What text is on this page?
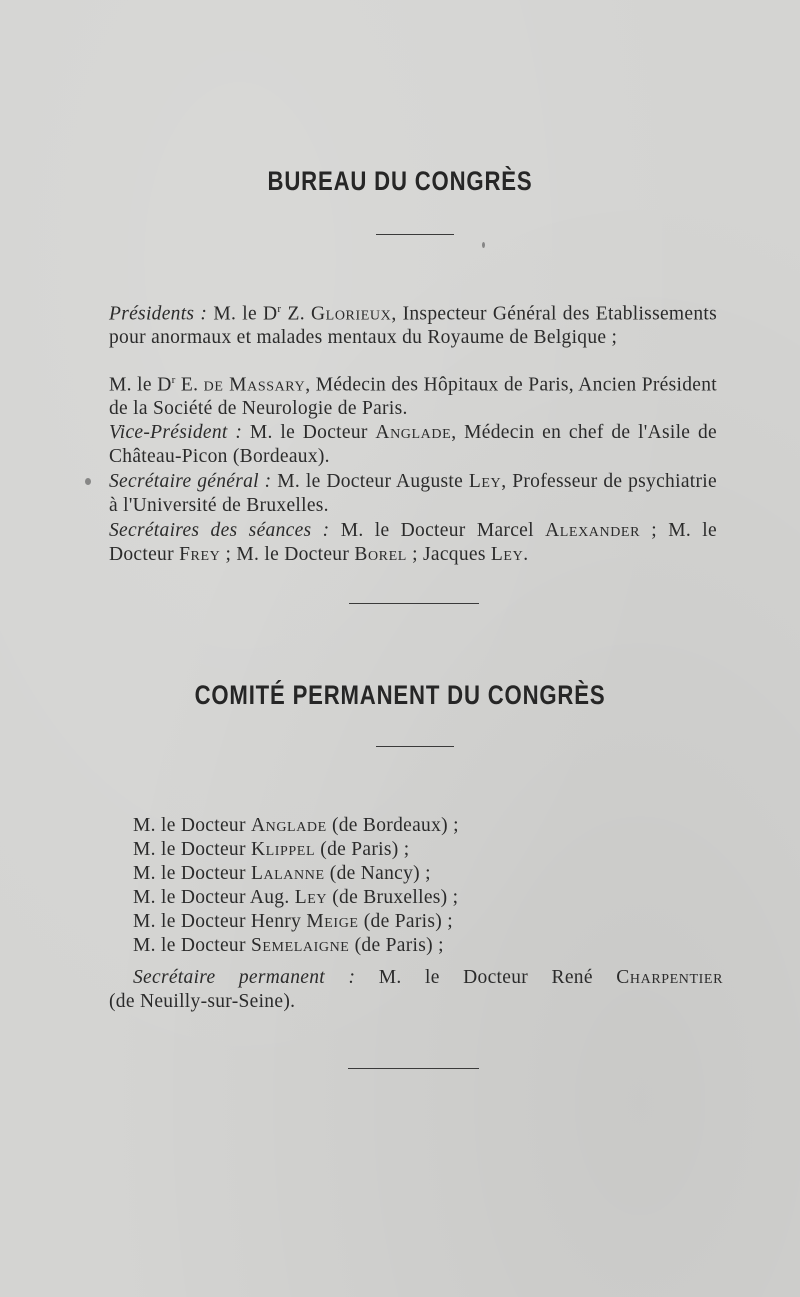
BUREAU DU CONGRÈS

Présidents : M. le $D^r$ Z. Glorieux, Inspecteur Général des Etablissements pour anormaux et malades mentaux du Royaume de Belgique ;

M. le $D^r$ E. de Massary, Médecin des Hôpitaux de Paris, Ancien Président de la Société de Neurologie de Paris.

Vice-Président : M. le Docteur Anglade, Médecin en chef de l'Asile de Château-Picon (Bordeaux).

Secrétaire général : M. le Docteur Auguste Ley, Professeur de psychiatrie à l'Université de Bruxelles.

Secrétaires des séances : M. le Docteur Marcel Alexander ; M. le Docteur Frey ; M. le Docteur Borel ; Jacques Ley.

COMITÉ PERMANENT DU CONGRÈS
M. le Docteur Anglade (de Bordeaux) ;
M. le Docteur Klippel (de Paris) ;
M. le Docteur Lalanne (de Nancy) ;
M. le Docteur Aug. Ley (de Bruxelles) ;
M. le Docteur Henry Meige (de Paris) ;
M. le Docteur Semelaigne (de Paris) ;
Secrétaire permanent : M. le Docteur René Charpentier
(de Neuilly-sur-Seine).
